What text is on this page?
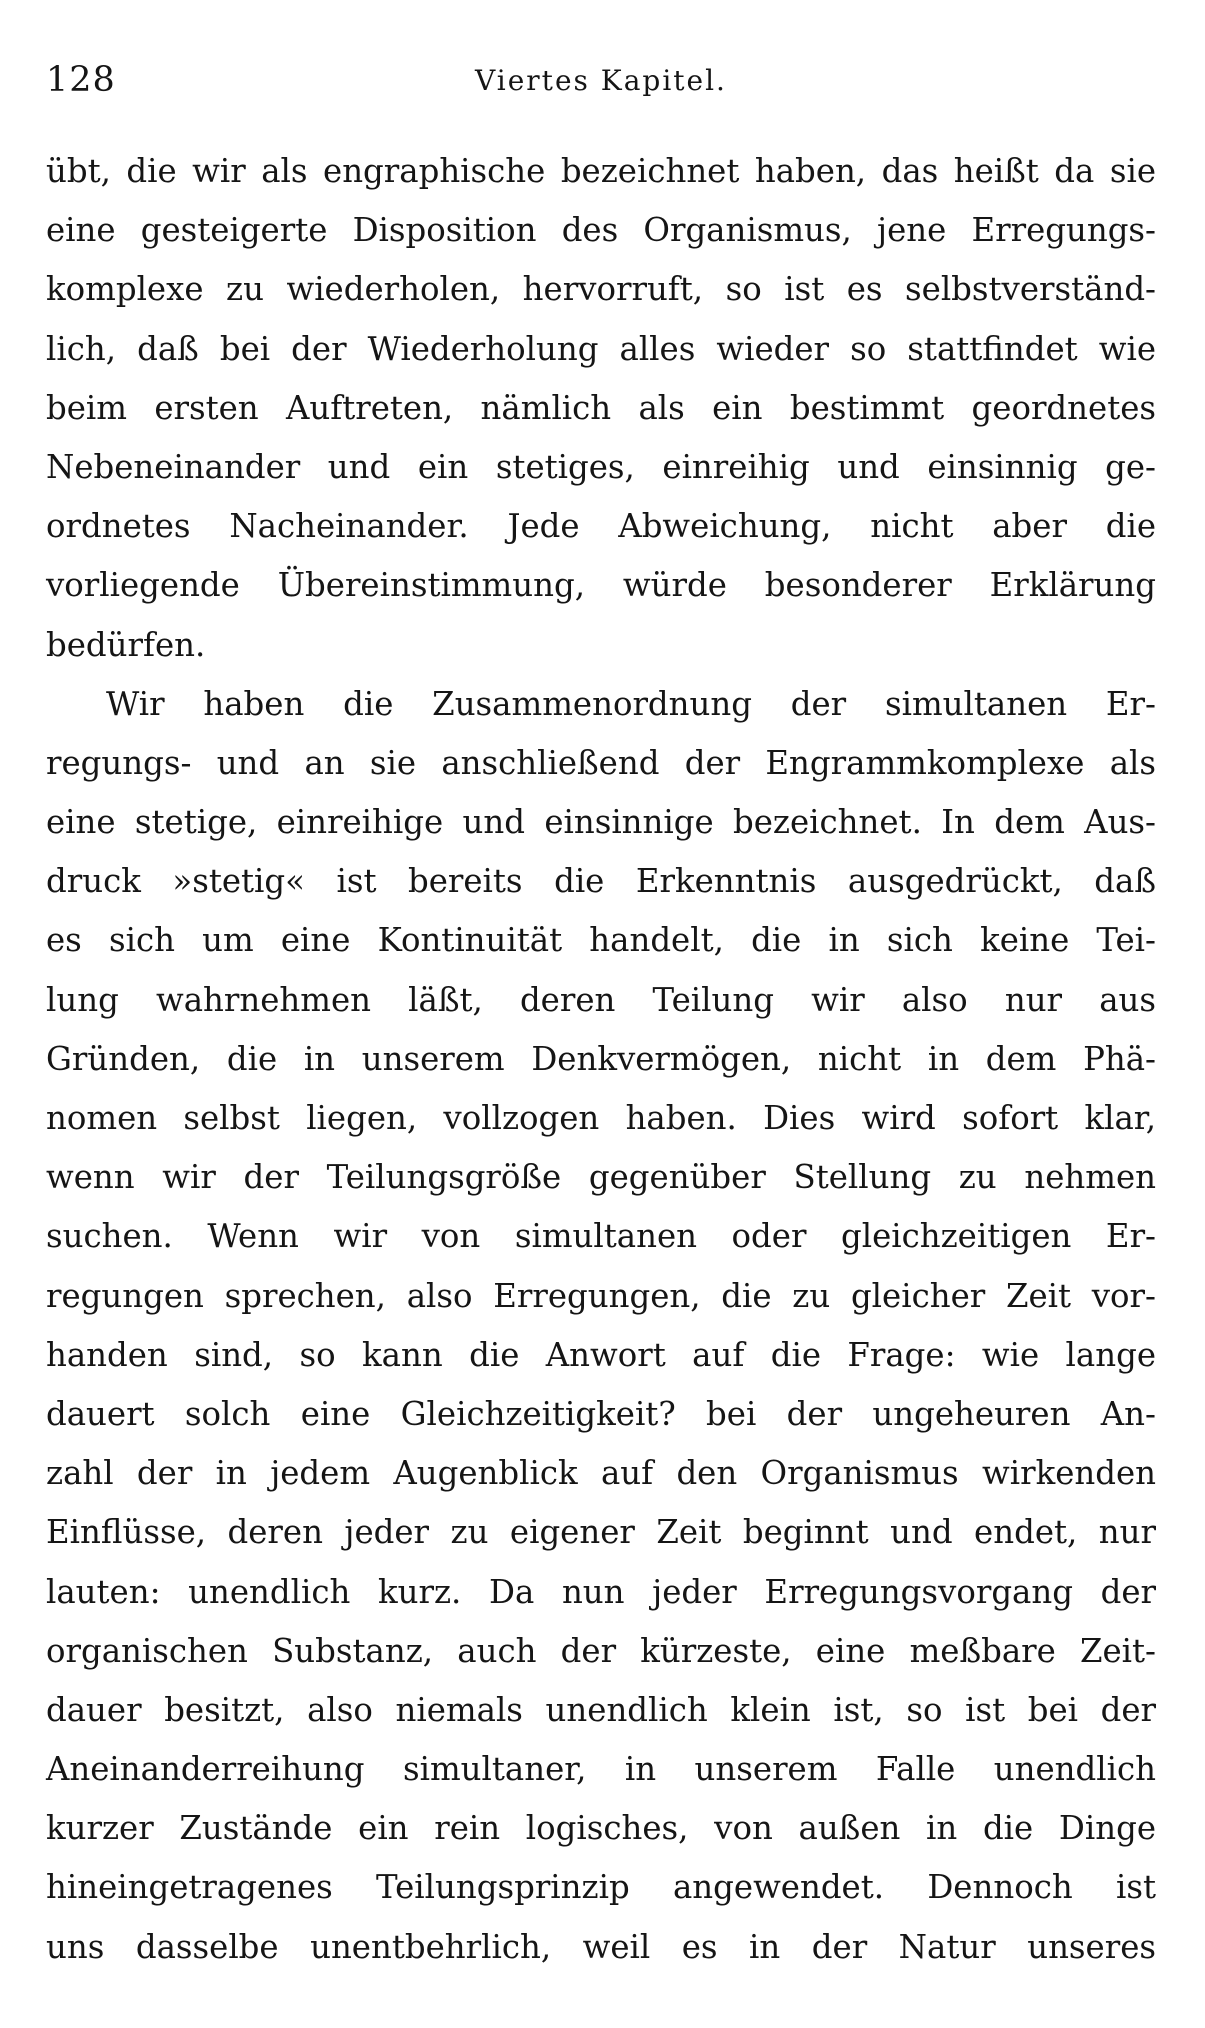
128	Viertes Kapitel.
übt, die wir als engraphische bezeichnet haben, das heißt da sie
eine gesteigerte Disposition des Organismus, jene Erregungs-
komplexe zu wiederholen, hervorruft, so ist es selbstverständ-
lich, daß bei der Wiederholung alles wieder so stattfindet wie
beim ersten Auftreten, nämlich als ein bestimmt geordnetes
Nebeneinander und ein stetiges, einreihig und einsinnig ge-
ordnetes Nacheinander. Jede Abweichung, nicht aber die
vorliegende Übereinstimmung, würde besonderer Erklärung
bedürfen.
Wir haben die Zusammenordnung der simultanen Er-
regungs- und an sie anschließend der Engrammkomplexe als
eine stetige, einreihige und einsinnige bezeichnet. In dem Aus-
druck »stetig« ist bereits die Erkenntnis ausgedrückt, daß
es sich um eine Kontinuität handelt, die in sich keine Tei-
lung wahrnehmen läßt, deren Teilung wir also nur aus
Gründen, die in unserem Denkvermögen, nicht in dem Phä-
nomen selbst liegen, vollzogen haben. Dies wird sofort klar,
wenn wir der Teilungsgröße gegenüber Stellung zu nehmen
suchen. Wenn wir von simultanen oder gleichzeitigen Er-
regungen sprechen, also Erregungen, die zu gleicher Zeit vor-
handen sind, so kann die Anwort auf die Frage: wie lange
dauert solch eine Gleichzeitigkeit? bei der ungeheuren An-
zahl der in jedem Augenblick auf den Organismus wirkenden
Einflüsse, deren jeder zu eigener Zeit beginnt und endet, nur
lauten: unendlich kurz. Da nun jeder Erregungsvorgang der
organischen Substanz, auch der kürzeste, eine meßbare Zeit-
dauer besitzt, also niemals unendlich klein ist, so ist bei der
Aneinanderreihung simultaner, in unserem Falle unendlich
kurzer Zustände ein rein logisches, von außen in die Dinge
hineingetragenes Teilungsprinzip angewendet. Dennoch ist
uns dasselbe unentbehrlich, weil es in der Natur unseres
